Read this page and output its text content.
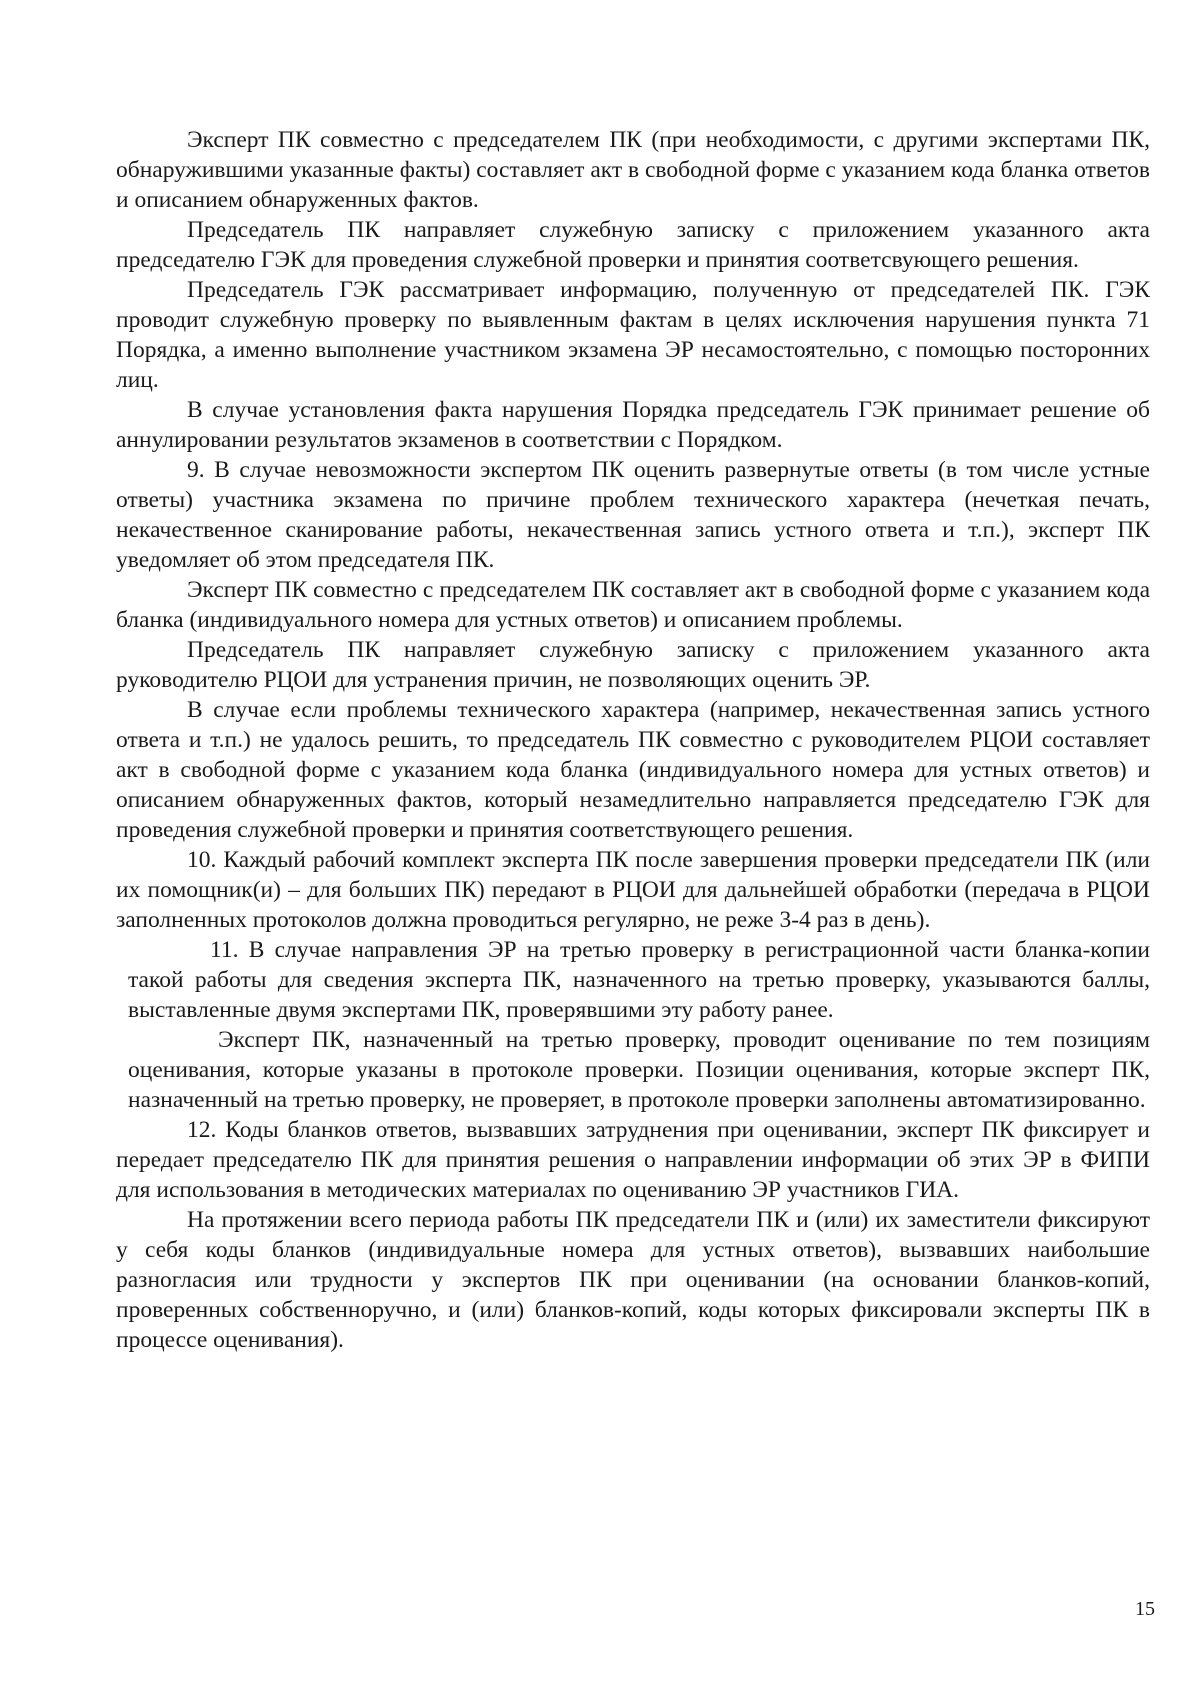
Эксперт ПК совместно с председателем ПК (при необходимости, с другими экспертами ПК, обнаружившими указанные факты) составляет акт в свободной форме с указанием кода бланка ответов и описанием обнаруженных фактов.

Председатель ПК направляет служебную записку с приложением указанного акта председателю ГЭК для проведения служебной проверки и принятия соответсвующего решения.

Председатель ГЭК рассматривает информацию, полученную от председателей ПК. ГЭК проводит служебную проверку по выявленным фактам в целях исключения нарушения пункта 71 Порядка, а именно выполнение участником экзамена ЭР несамостоятельно, с помощью посторонних лиц.

В случае установления факта нарушения Порядка председатель ГЭК принимает решение об аннулировании результатов экзаменов в соответствии с Порядком.

9. В случае невозможности экспертом ПК оценить развернутые ответы (в том числе устные ответы) участника экзамена по причине проблем технического характера (нечеткая печать, некачественное сканирование работы, некачественная запись устного ответа и т.п.), эксперт ПК уведомляет об этом председателя ПК.

Эксперт ПК совместно с председателем ПК составляет акт в свободной форме с указанием кода бланка (индивидуального номера для устных ответов) и описанием проблемы.

Председатель ПК направляет служебную записку с приложением указанного акта руководителю РЦОИ для устранения причин, не позволяющих оценить ЭР.

В случае если проблемы технического характера (например, некачественная запись устного ответа и т.п.) не удалось решить, то председатель ПК совместно с руководителем РЦОИ составляет акт в свободной форме с указанием кода бланка (индивидуального номера для устных ответов) и описанием обнаруженных фактов, который незамедлительно направляется председателю ГЭК для проведения служебной проверки и принятия соответствующего решения.

10. Каждый рабочий комплект эксперта ПК после завершения проверки председатели ПК (или их помощник(и) – для больших ПК) передают в РЦОИ для дальнейшей обработки (передача в РЦОИ заполненных протоколов должна проводиться регулярно, не реже 3-4 раз в день).

11. В случае направления ЭР на третью проверку в регистрационной части бланка-копии такой работы для сведения эксперта ПК, назначенного на третью проверку, указываются баллы, выставленные двумя экспертами ПК, проверявшими эту работу ранее.

Эксперт ПК, назначенный на третью проверку, проводит оценивание по тем позициям оценивания, которые указаны в протоколе проверки. Позиции оценивания, которые эксперт ПК, назначенный на третью проверку, не проверяет, в протоколе проверки заполнены автоматизированно.

12. Коды бланков ответов, вызвавших затруднения при оценивании, эксперт ПК фиксирует и передает председателю ПК для принятия решения о направлении информации об этих ЭР в ФИПИ для использования в методических материалах по оцениванию ЭР участников ГИА.

На протяжении всего периода работы ПК председатели ПК и (или) их заместители фиксируют у себя коды бланков (индивидуальные номера для устных ответов), вызвавших наибольшие разногласия или трудности у экспертов ПК при оценивании (на основании бланков-копий, проверенных собственноручно, и (или) бланков-копий, коды которых фиксировали эксперты ПК в процессе оценивания).

15
